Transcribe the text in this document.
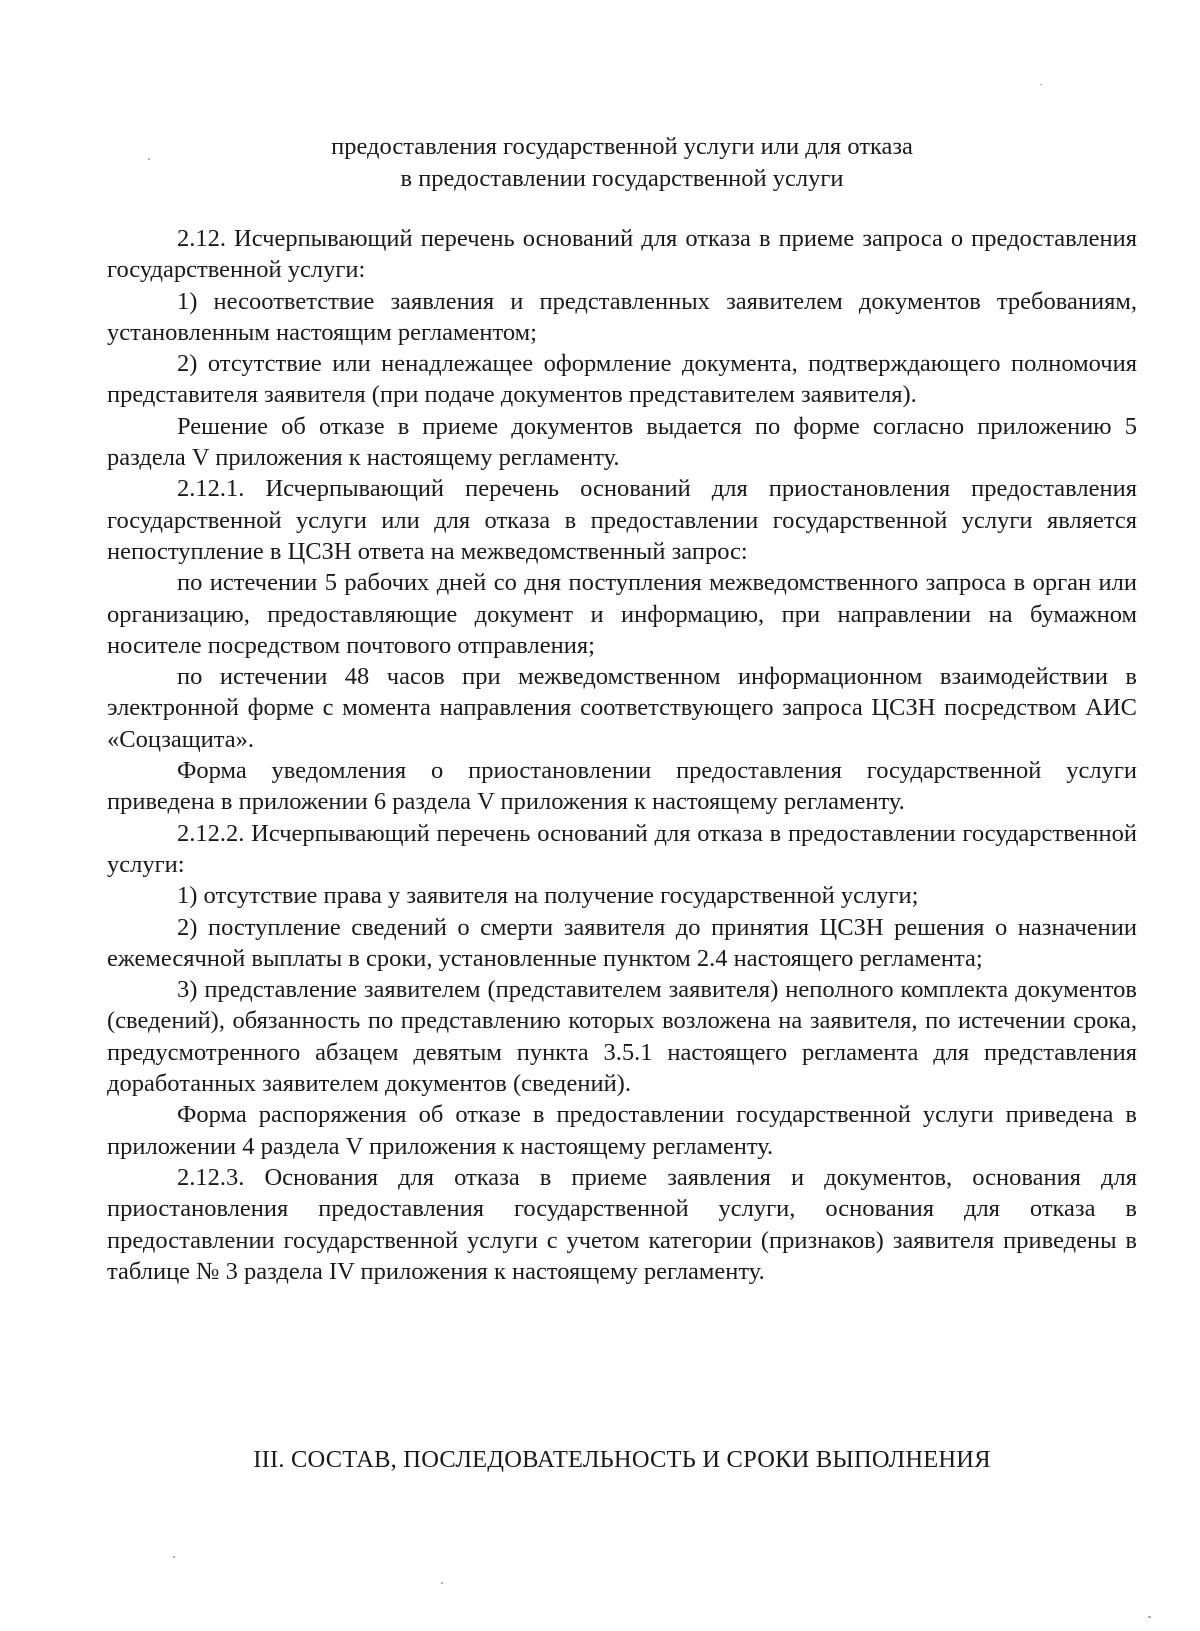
предоставления государственной услуги или для отказа

в предоставлении государственной услуги

2.12. Исчерпывающий перечень оснований для отказа в приеме запроса о предоставления государственной услуги:

1) несоответствие заявления и представленных заявителем документов требованиям, установленным настоящим регламентом;

2) отсутствие или ненадлежащее оформление документа, подтверждающего полномочия представителя заявителя (при подаче документов представителем заявителя).

Решение об отказе в приеме документов выдается по форме согласно приложению 5 раздела V приложения к настоящему регламенту.

2.12.1. Исчерпывающий перечень оснований для приостановления предоставления государственной услуги или для отказа в предоставлении государственной услуги является непоступление в ЦСЗН ответа на межведомственный запрос:

по истечении 5 рабочих дней со дня поступления межведомственного запроса в орган или организацию, предоставляющие документ и информацию, при направлении на бумажном носителе посредством почтового отправления;

по истечении 48 часов при межведомственном информационном взаимодействии в электронной форме с момента направления соответствующего запроса ЦСЗН посредством АИС «Соцзащита».

Форма уведомления о приостановлении предоставления государственной услуги приведена в приложении 6 раздела V приложения к настоящему регламенту.

2.12.2. Исчерпывающий перечень оснований для отказа в предоставлении государственной услуги:

1) отсутствие права у заявителя на получение государственной услуги;

2) поступление сведений о смерти заявителя до принятия ЦСЗН решения о назначении ежемесячной выплаты в сроки, установленные пунктом 2.4 настоящего регламента;

3) представление заявителем (представителем заявителя) неполного комплекта документов (сведений), обязанность по представлению которых возложена на заявителя, по истечении срока, предусмотренного абзацем девятым пункта 3.5.1 настоящего регламента для представления доработанных заявителем документов (сведений).

Форма распоряжения об отказе в предоставлении государственной услуги приведена в приложении 4 раздела V приложения к настоящему регламенту.

2.12.3. Основания для отказа в приеме заявления и документов, основания для приостановления предоставления государственной услуги, основания для отказа в предоставлении государственной услуги с учетом категории (признаков) заявителя приведены в таблице № 3 раздела IV приложения к настоящему регламенту.

III. СОСТАВ, ПОСЛЕДОВАТЕЛЬНОСТЬ И СРОКИ ВЫПОЛНЕНИЯ
